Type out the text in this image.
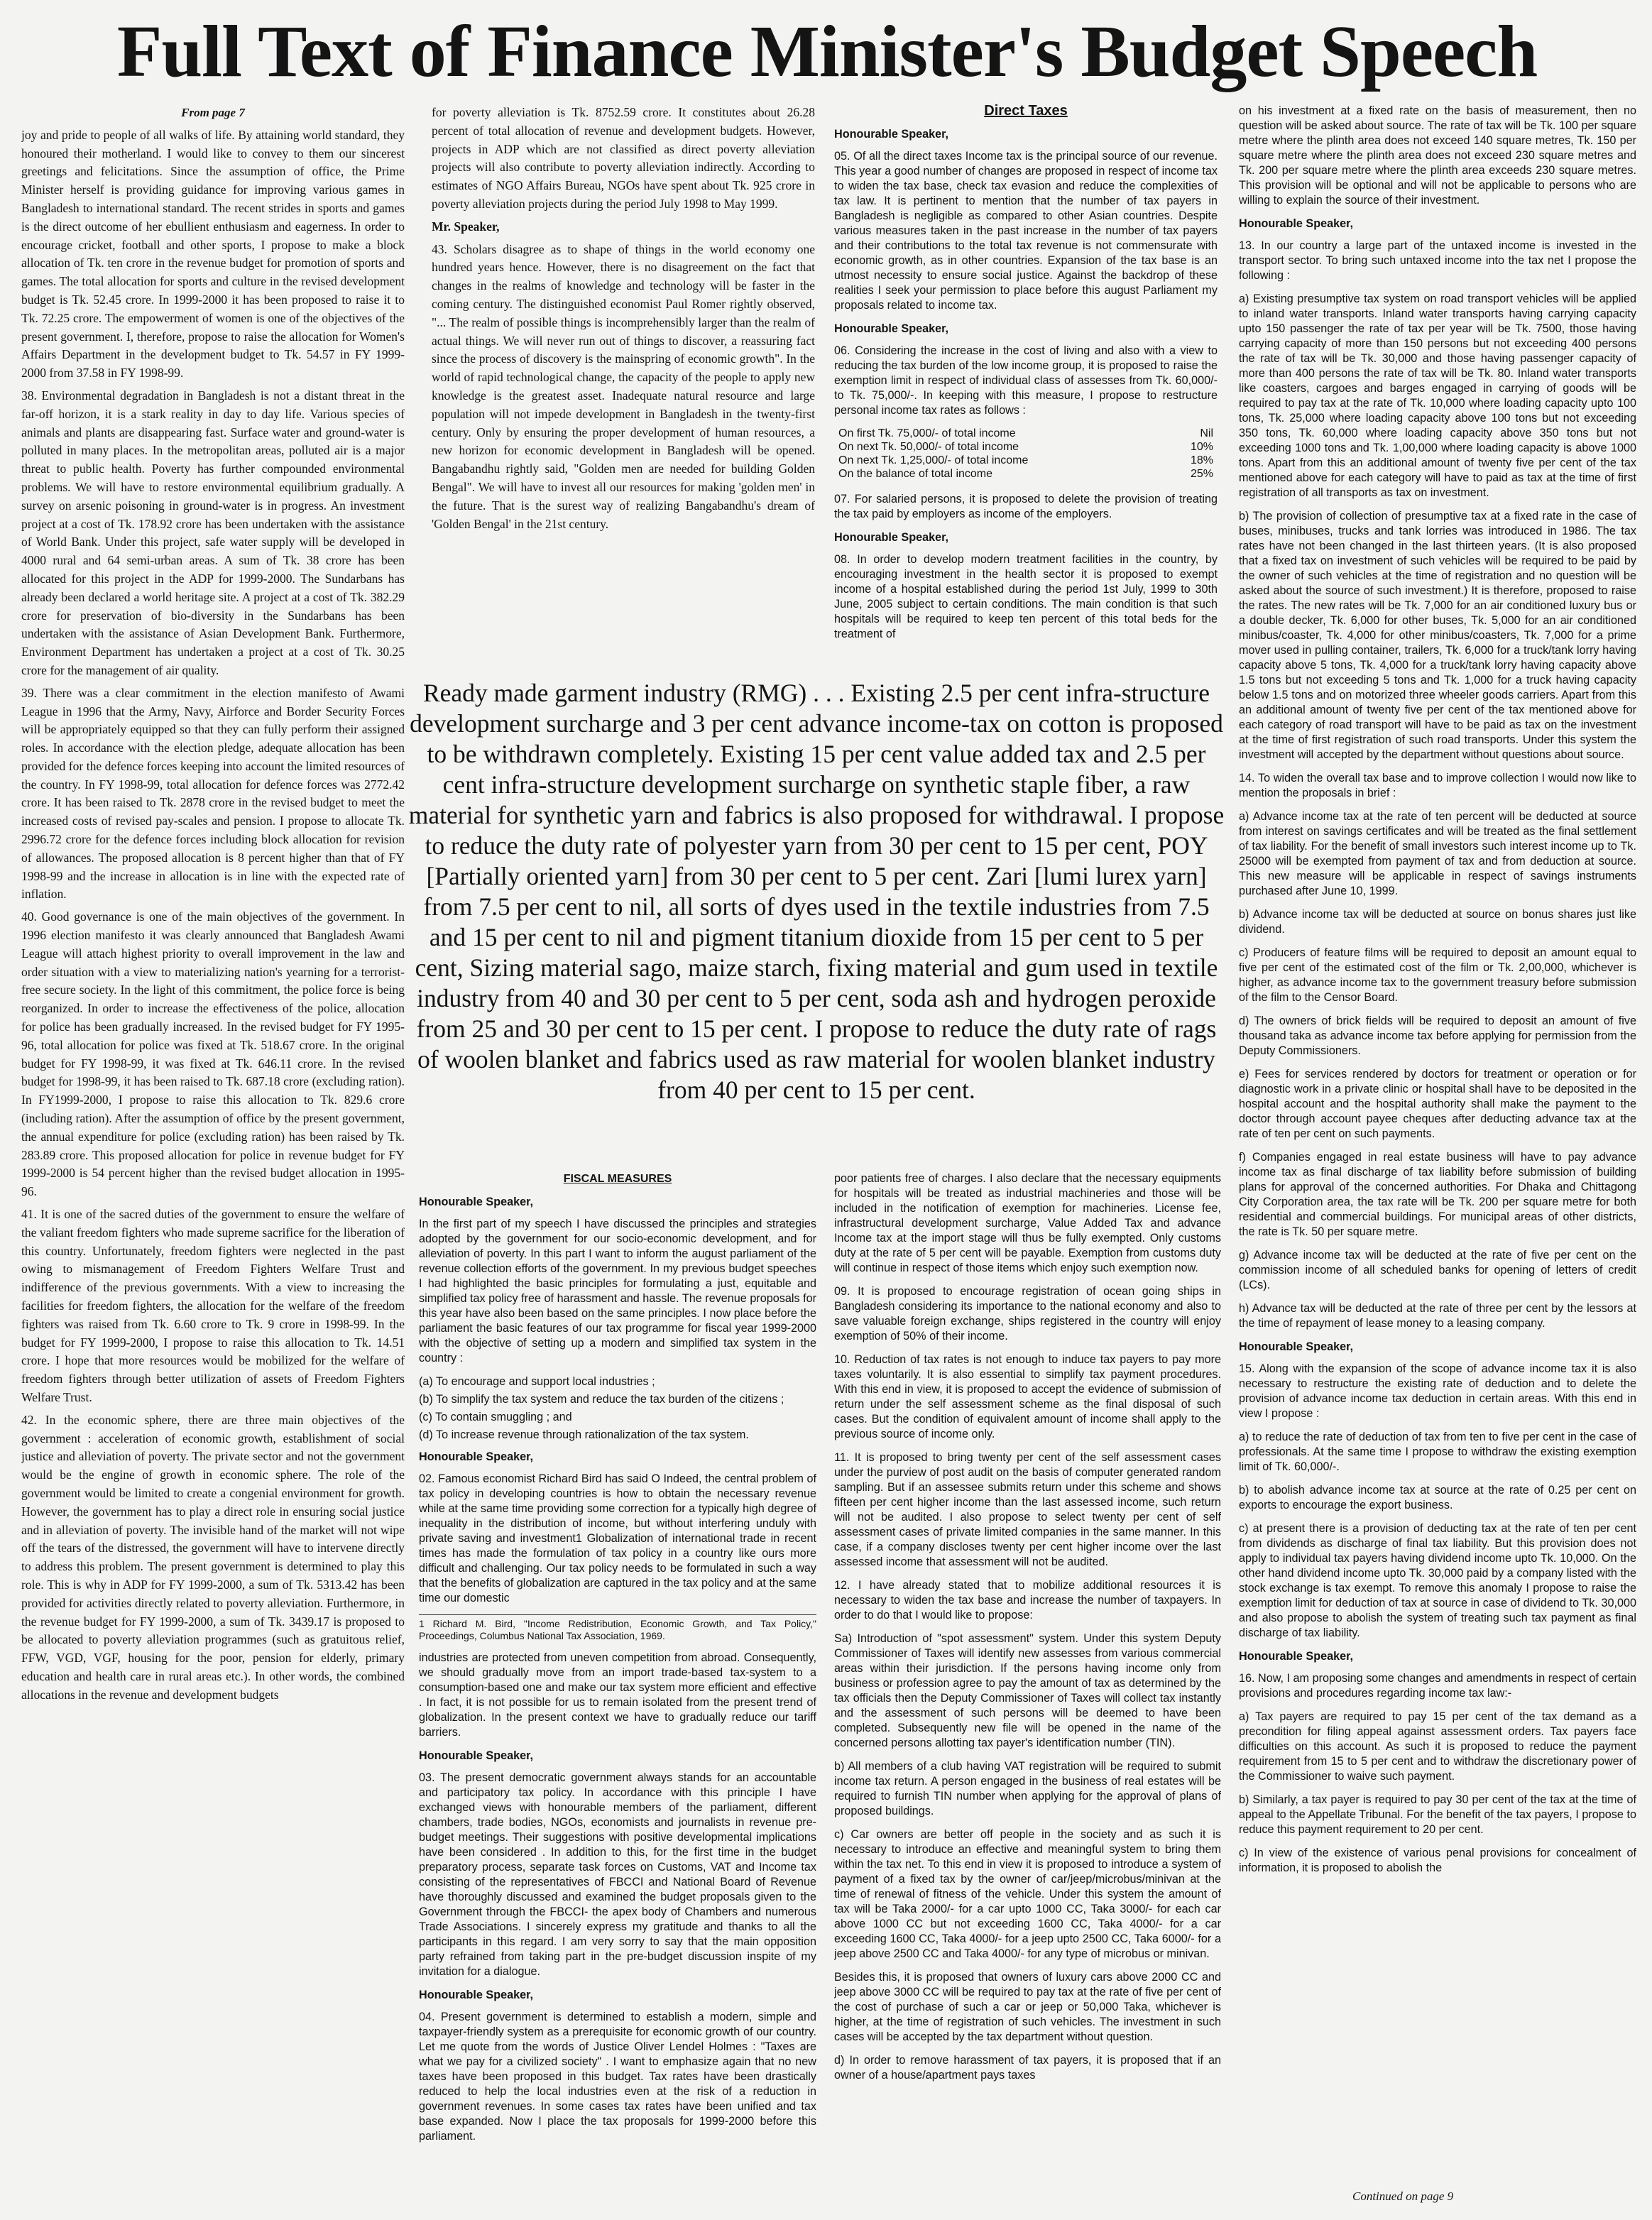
Full Text of Finance Minister's Budget Speech

From page 7

joy and pride to people of all walks of life. By attaining world standard, they honoured their motherland. I would like to convey to them our sincerest greetings and felicitations. Since the assumption of office, the Prime Minister herself is providing guidance for improving various games in Bangladesh to international standard. The recent strides in sports and games is the direct outcome of her ebullient enthusiasm and eagerness. In order to encourage cricket, football and other sports, I propose to make a block allocation of Tk. ten crore in the revenue budget for promotion of sports and games. The total allocation for sports and culture in the revised development budget is Tk. 52.45 crore. In 1999-2000 it has been proposed to raise it to Tk. 72.25 crore. The empowerment of women is one of the objectives of the present government. I, therefore, propose to raise the allocation for Women's Affairs Department in the development budget to Tk. 54.57 in FY 1999-2000 from 37.58 in FY 1998-99.

38. Environmental degradation in Bangladesh is not a distant threat in the far-off horizon, it is a stark reality in day to day life. Various species of animals and plants are disappearing fast. Surface water and ground-water is polluted in many places. In the metropolitan areas, polluted air is a major threat to public health. Poverty has further compounded environmental problems. We will have to restore environmental equilibrium gradually. A survey on arsenic poisoning in ground-water is in progress. An investment project at a cost of Tk. 178.92 crore has been undertaken with the assistance of World Bank. Under this project, safe water supply will be developed in 4000 rural and 64 semi-urban areas. A sum of Tk. 38 crore has been allocated for this project in the ADP for 1999-2000. The Sundarbans has already been declared a world heritage site. A project at a cost of Tk. 382.29 crore for preservation of bio-diversity in the Sundarbans has been undertaken with the assistance of Asian Development Bank. Furthermore, Environment Department has undertaken a project at a cost of Tk. 30.25 crore for the management of air quality.

39. There was a clear commitment in the election manifesto of Awami League in 1996 that the Army, Navy, Airforce and Border Security Forces will be appropriately equipped so that they can fully perform their assigned roles. In accordance with the election pledge, adequate allocation has been provided for the defence forces keeping into account the limited resources of the country. In FY 1998-99, total allocation for defence forces was 2772.42 crore. It has been raised to Tk. 2878 crore in the revised budget to meet the increased costs of revised pay-scales and pension. I propose to allocate Tk. 2996.72 crore for the defence forces including block allocation for revision of allowances. The proposed allocation is 8 percent higher than that of FY 1998-99 and the increase in allocation is in line with the expected rate of inflation.

40. Good governance is one of the main objectives of the government. In 1996 election manifesto it was clearly announced that Bangladesh Awami League will attach highest priority to overall improvement in the law and order situation with a view to materializing nation's yearning for a terrorist-free secure society. In the light of this commitment, the police force is being reorganized. In order to increase the effectiveness of the police, allocation for police has been gradually increased. In the revised budget for FY 1995-96, total allocation for police was fixed at Tk. 518.67 crore. In the original budget for FY 1998-99, it was fixed at Tk. 646.11 crore. In the revised budget for 1998-99, it has been raised to Tk. 687.18 crore (excluding ration). In FY1999-2000, I propose to raise this allocation to Tk. 829.6 crore (including ration). After the assumption of office by the present government, the annual expenditure for police (excluding ration) has been raised by Tk. 283.89 crore. This proposed allocation for police in revenue budget for FY 1999-2000 is 54 percent higher than the revised budget allocation in 1995-96.

41. It is one of the sacred duties of the government to ensure the welfare of the valiant freedom fighters who made supreme sacrifice for the liberation of this country. Unfortunately, freedom fighters were neglected in the past owing to mismanagement of Freedom Fighters Welfare Trust and indifference of the previous governments. With a view to increasing the facilities for freedom fighters, the allocation for the welfare of the freedom fighters was raised from Tk. 6.60 crore to Tk. 9 crore in 1998-99. In the budget for FY 1999-2000, I propose to raise this allocation to Tk. 14.51 crore. I hope that more resources would be mobilized for the welfare of freedom fighters through better utilization of assets of Freedom Fighters Welfare Trust.

42. In the economic sphere, there are three main objectives of the government : acceleration of economic growth, establishment of social justice and alleviation of poverty. The private sector and not the government would be the engine of growth in economic sphere. The role of the government would be limited to create a congenial environment for growth. However, the government has to play a direct role in ensuring social justice and in alleviation of poverty. The invisible hand of the market will not wipe off the tears of the distressed, the government will have to intervene directly to address this problem. The present government is determined to play this role. This is why in ADP for FY 1999-2000, a sum of Tk. 5313.42 has been provided for activities directly related to poverty alleviation. Furthermore, in the revenue budget for FY 1999-2000, a sum of Tk. 3439.17 is proposed to be allocated to poverty alleviation programmes (such as gratuitous relief, FFW, VGD, VGF, housing for the poor, pension for elderly, primary education and health care in rural areas etc.). In other words, the combined allocations in the revenue and development budgets

for poverty alleviation is Tk. 8752.59 crore. It constitutes about 26.28 percent of total allocation of revenue and development budgets. However, projects in ADP which are not classified as direct poverty alleviation projects will also contribute to poverty alleviation indirectly. According to estimates of NGO Affairs Bureau, NGOs have spent about Tk. 925 crore in poverty alleviation projects during the period July 1998 to May 1999.

Mr. Speaker,

43. Scholars disagree as to shape of things in the world economy one hundred years hence. However, there is no disagreement on the fact that changes in the realms of knowledge and technology will be faster in the coming century. The distinguished economist Paul Romer rightly observed, "... The realm of possible things is incomprehensibly larger than the realm of actual things. We will never run out of things to discover, a reassuring fact since the process of discovery is the mainspring of economic growth". In the world of rapid technological change, the capacity of the people to apply new knowledge is the greatest asset. Inadequate natural resource and large population will not impede development in Bangladesh in the twenty-first century. Only by ensuring the proper development of human resources, a new horizon for economic development in Bangladesh will be opened. Bangabandhu rightly said, "Golden men are needed for building Golden Bengal". We will have to invest all our resources for making 'golden men' in the future. That is the surest way of realizing Bangabandhu's dream of 'Golden Bengal' in the 21st century.

Direct Taxes

Honourable Speaker,

05. Of all the direct taxes Income tax is the principal source of our revenue. This year a good number of changes are proposed in respect of income tax to widen the tax base, check tax evasion and reduce the complexities of tax law. It is pertinent to mention that the number of tax payers in Bangladesh is negligible as compared to other Asian countries. Despite various measures taken in the past increase in the number of tax payers and their contributions to the total tax revenue is not commensurate with economic growth, as in other countries. Expansion of the tax base is an utmost necessity to ensure social justice. Against the backdrop of these realities I seek your permission to place before this august Parliament my proposals related to income tax.

Honourable Speaker,

06. Considering the increase in the cost of living and also with a view to reducing the tax burden of the low income group, it is proposed to raise the exemption limit in respect of individual class of assesses from Tk. 60,000/- to Tk. 75,000/-. In keeping with this measure, I propose to restructure personal income tax rates as follows :

On first Tk. 75,000/- of total income	Nil
On next Tk. 50,000/- of total income	10%
On next Tk. 1,25,000/- of total income	18%
On the balance of total income	25%

07. For salaried persons, it is proposed to delete the provision of treating the tax paid by employers as income of the employers.

Honourable Speaker,

08. In order to develop modern treatment facilities in the country, by encouraging investment in the health sector it is proposed to exempt income of a hospital established during the period 1st July, 1999 to 30th June, 2005 subject to certain conditions. The main condition is that such hospitals will be required to keep ten percent of this total beds for the treatment of

on his investment at a fixed rate on the basis of measurement, then no question will be asked about source. The rate of tax will be Tk. 100 per square metre where the plinth area does not exceed 140 square metres, Tk. 150 per square metre where the plinth area does not exceed 230 square metres and Tk. 200 per square metre where the plinth area exceeds 230 square metres. This provision will be optional and will not be applicable to persons who are willing to explain the source of their investment.

Honourable Speaker,

13. In our country a large part of the untaxed income is invested in the transport sector. To bring such untaxed income into the tax net I propose the following :

a) Existing presumptive tax system on road transport vehicles will be applied to inland water transports. Inland water transports having carrying capacity upto 150 passenger the rate of tax per year will be Tk. 7500, those having carrying capacity of more than 150 persons but not exceeding 400 persons the rate of tax will be Tk. 30,000 and those having passenger capacity of more than 400 persons the rate of tax will be Tk. 80. Inland water transports like coasters, cargoes and barges engaged in carrying of goods will be required to pay tax at the rate of Tk. 10,000 where loading capacity upto 100 tons, Tk. 25,000 where loading capacity above 100 tons but not exceeding 350 tons, Tk. 60,000 where loading capacity above 350 tons but not exceeding 1000 tons and Tk. 1,00,000 where loading capacity is above 1000 tons. Apart from this an additional amount of twenty five per cent of the tax mentioned above for each category will have to paid as tax at the time of first registration of all transports as tax on investment.

b) The provision of collection of presumptive tax at a fixed rate in the case of buses, minibuses, trucks and tank lorries was introduced in 1986. The tax rates have not been changed in the last thirteen years. (It is also proposed that a fixed tax on investment of such vehicles will be required to be paid by the owner of such vehicles at the time of registration and no question will be asked about the source of such investment.) It is therefore, proposed to raise the rates. The new rates will be Tk. 7,000 for an air conditioned luxury bus or a double decker, Tk. 6,000 for other buses, Tk. 5,000 for an air conditioned minibus/coaster, Tk. 4,000 for other minibus/coasters, Tk. 7,000 for a prime mover used in pulling container, trailers, Tk. 6,000 for a truck/tank lorry having capacity above 5 tons, Tk. 4,000 for a truck/tank lorry having capacity above 1.5 tons but not exceeding 5 tons and Tk. 1,000 for a truck having capacity below 1.5 tons and on motorized three wheeler goods carriers. Apart from this an additional amount of twenty five per cent of the tax mentioned above for each category of road transport will have to be paid as tax on the investment at the time of first registration of such road transports. Under this system the investment will accepted by the department without questions about source.

14. To widen the overall tax base and to improve collection I would now like to mention the proposals in brief :

a) Advance income tax at the rate of ten percent will be deducted at source from interest on savings certificates and will be treated as the final settlement of tax liability. For the benefit of small investors such interest income up to Tk. 25000 will be exempted from payment of tax and from deduction at source. This new measure will be applicable in respect of savings instruments purchased after June 10, 1999.

b) Advance income tax will be deducted at source on bonus shares just like dividend.

c) Producers of feature films will be required to deposit an amount equal to five per cent of the estimated cost of the film or Tk. 2,00,000, whichever is higher, as advance income tax to the government treasury before submission of the film to the Censor Board.

d) The owners of brick fields will be required to deposit an amount of five thousand taka as advance income tax before applying for permission from the Deputy Commissioners.

e) Fees for services rendered by doctors for treatment or operation or for diagnostic work in a private clinic or hospital shall have to be deposited in the hospital account and the hospital authority shall make the payment to the doctor through account payee cheques after deducting advance tax at the rate of ten per cent on such payments.

f) Companies engaged in real estate business will have to pay advance income tax as final discharge of tax liability before submission of building plans for approval of the concerned authorities. For Dhaka and Chittagong City Corporation area, the tax rate will be Tk. 200 per square metre for both residential and commercial buildings. For municipal areas of other districts, the rate is Tk. 50 per square metre.

g) Advance income tax will be deducted at the rate of five per cent on the commission income of all scheduled banks for opening of letters of credit (LCs).

h) Advance tax will be deducted at the rate of three per cent by the lessors at the time of repayment of lease money to a leasing company.

Honourable Speaker,

15. Along with the expansion of the scope of advance income tax it is also necessary to restructure the existing rate of deduction and to delete the provision of advance income tax deduction in certain areas. With this end in view I propose :

a) to reduce the rate of deduction of tax from ten to five per cent in the case of professionals. At the same time I propose to withdraw the existing exemption limit of Tk. 60,000/-.

b) to abolish advance income tax at source at the rate of 0.25 per cent on exports to encourage the export business.

c) at present there is a provision of deducting tax at the rate of ten per cent from dividends as discharge of final tax liability. But this provision does not apply to individual tax payers having dividend income upto Tk. 10,000. On the other hand dividend income upto Tk. 30,000 paid by a company listed with the stock exchange is tax exempt. To remove this anomaly I propose to raise the exemption limit for deduction of tax at source in case of dividend to Tk. 30,000 and also propose to abolish the system of treating such tax payment as final discharge of tax liability.

Honourable Speaker,

16. Now, I am proposing some changes and amendments in respect of certain provisions and procedures regarding income tax law:-

a) Tax payers are required to pay 15 per cent of the tax demand as a precondition for filing appeal against assessment orders. Tax payers face difficulties on this account. As such it is proposed to reduce the payment requirement from 15 to 5 per cent and to withdraw the discretionary power of the Commissioner to waive such payment.

b) Similarly, a tax payer is required to pay 30 per cent of the tax at the time of appeal to the Appellate Tribunal. For the benefit of the tax payers, I propose to reduce this payment requirement to 20 per cent.

c) In view of the existence of various penal provisions for concealment of information, it is proposed to abolish the

Ready made garment industry (RMG) . . . Existing 2.5 per cent infra-structure development surcharge and 3 per cent advance income-tax on cotton is proposed to be withdrawn completely. Existing 15 per cent value added tax and 2.5 per cent infra-structure development surcharge on synthetic staple fiber, a raw material for synthetic yarn and fabrics is also proposed for withdrawal. I propose to reduce the duty rate of polyester yarn from 30 per cent to 15 per cent, POY [Partially oriented yarn] from 30 per cent to 5 per cent. Zari [lumi lurex yarn] from 7.5 per cent to nil, all sorts of dyes used in the textile industries from 7.5 and 15 per cent to nil and pigment titanium dioxide from 15 per cent to 5 per cent, Sizing material sago, maize starch, fixing material and gum used in textile industry from 40 and 30 per cent to 5 per cent, soda ash and hydrogen peroxide from 25 and 30 per cent to 15 per cent. I propose to reduce the duty rate of rags of woolen blanket and fabrics used as raw material for woolen blanket industry from 40 per cent to 15 per cent.

FISCAL MEASURES

Honourable Speaker,

In the first part of my speech I have discussed the principles and strategies adopted by the government for our socio-economic development, and for alleviation of poverty. In this part I want to inform the august parliament of the revenue collection efforts of the government. In my previous budget speeches I had highlighted the basic principles for formulating a just, equitable and simplified tax policy free of harassment and hassle. The revenue proposals for this year have also been based on the same principles. I now place before the parliament the basic features of our tax programme for fiscal year 1999-2000 with the objective of setting up a modern and simplified tax system in the country :

(a) To encourage and support local industries ;

(b) To simplify the tax system and reduce the tax burden of the citizens ;

(c) To contain smuggling ; and

(d) To increase revenue through rationalization of the tax system.

Honourable Speaker,

02. Famous economist Richard Bird has said O Indeed, the central problem of tax policy in developing countries is how to obtain the necessary revenue while at the same time providing some correction for a typically high degree of inequality in the distribution of income, but without interfering unduly with private saving and investment1 Globalization of international trade in recent times has made the formulation of tax policy in a country like ours more difficult and challenging. Our tax policy needs to be formulated in such a way that the benefits of globalization are captured in the tax policy and at the same time our domestic

1 Richard M. Bird, "Income Redistribution, Economic Growth, and Tax Policy," Proceedings, Columbus National Tax Association, 1969.

industries are protected from uneven competition from abroad. Consequently, we should gradually move from an import trade-based tax-system to a consumption-based one and make our tax system more efficient and effective . In fact, it is not possible for us to remain isolated from the present trend of globalization. In the present context we have to gradually reduce our tariff barriers.

Honourable Speaker,

03. The present democratic government always stands for an accountable and participatory tax policy. In accordance with this principle I have exchanged views with honourable members of the parliament, different chambers, trade bodies, NGOs, economists and journalists in revenue pre-budget meetings. Their suggestions with positive developmental implications have been considered . In addition to this, for the first time in the budget preparatory process, separate task forces on Customs, VAT and Income tax consisting of the representatives of FBCCI and National Board of Revenue have thoroughly discussed and examined the budget proposals given to the Government through the FBCCI- the apex body of Chambers and numerous Trade Associations. I sincerely express my gratitude and thanks to all the participants in this regard. I am very sorry to say that the main opposition party refrained from taking part in the pre-budget discussion inspite of my invitation for a dialogue.

Honourable Speaker,

04. Present government is determined to establish a modern, simple and taxpayer-friendly system as a prerequisite for economic growth of our country. Let me quote from the words of Justice Oliver Lendel Holmes : "Taxes are what we pay for a civilized society" . I want to emphasize again that no new taxes have been proposed in this budget. Tax rates have been drastically reduced to help the local industries even at the risk of a reduction in government revenues. In some cases tax rates have been unified and tax base expanded. Now I place the tax proposals for 1999-2000 before this parliament.

poor patients free of charges. I also declare that the necessary equipments for hospitals will be treated as industrial machineries and those will be included in the notification of exemption for machineries. License fee, infrastructural development surcharge, Value Added Tax and advance Income tax at the import stage will thus be fully exempted. Only customs duty at the rate of 5 per cent will be payable. Exemption from customs duty will continue in respect of those items which enjoy such exemption now.

09. It is proposed to encourage registration of ocean going ships in Bangladesh considering its importance to the national economy and also to save valuable foreign exchange, ships registered in the country will enjoy exemption of 50% of their income.

10. Reduction of tax rates is not enough to induce tax payers to pay more taxes voluntarily. It is also essential to simplify tax payment procedures. With this end in view, it is proposed to accept the evidence of submission of return under the self assessment scheme as the final disposal of such cases. But the condition of equivalent amount of income shall apply to the previous source of income only.

11. It is proposed to bring twenty per cent of the self assessment cases under the purview of post audit on the basis of computer generated random sampling. But if an assessee submits return under this scheme and shows fifteen per cent higher income than the last assessed income, such return will not be audited. I also propose to select twenty per cent of self assessment cases of private limited companies in the same manner. In this case, if a company discloses twenty per cent higher income over the last assessed income that assessment will not be audited.

12. I have already stated that to mobilize additional resources it is necessary to widen the tax base and increase the number of taxpayers. In order to do that I would like to propose:

Sa) Introduction of "spot assessment" system. Under this system Deputy Commissioner of Taxes will identify new assesses from various commercial areas within their jurisdiction. If the persons having income only from business or profession agree to pay the amount of tax as determined by the tax officials then the Deputy Commissioner of Taxes will collect tax instantly and the assessment of such persons will be deemed to have been completed. Subsequently new file will be opened in the name of the concerned persons allotting tax payer's identification number (TIN).

b) All members of a club having VAT registration will be required to submit income tax return. A person engaged in the business of real estates will be required to furnish TIN number when applying for the approval of plans of proposed buildings.

c) Car owners are better off people in the society and as such it is necessary to introduce an effective and meaningful system to bring them within the tax net. To this end in view it is proposed to introduce a system of payment of a fixed tax by the owner of car/jeep/microbus/minivan at the time of renewal of fitness of the vehicle. Under this system the amount of tax will be Taka 2000/- for a car upto 1000 CC, Taka 3000/- for each car above 1000 CC but not exceeding 1600 CC, Taka 4000/- for a car exceeding 1600 CC, Taka 4000/- for a jeep upto 2500 CC, Taka 6000/- for a jeep above 2500 CC and Taka 4000/- for any type of microbus or minivan.

Besides this, it is proposed that owners of luxury cars above 2000 CC and jeep above 3000 CC will be required to pay tax at the rate of five per cent of the cost of purchase of such a car or jeep or 50,000 Taka, whichever is higher, at the time of registration of such vehicles. The investment in such cases will be accepted by the tax department without question.

d) In order to remove harassment of tax payers, it is proposed that if an owner of a house/apartment pays taxes

Continued on page 9
